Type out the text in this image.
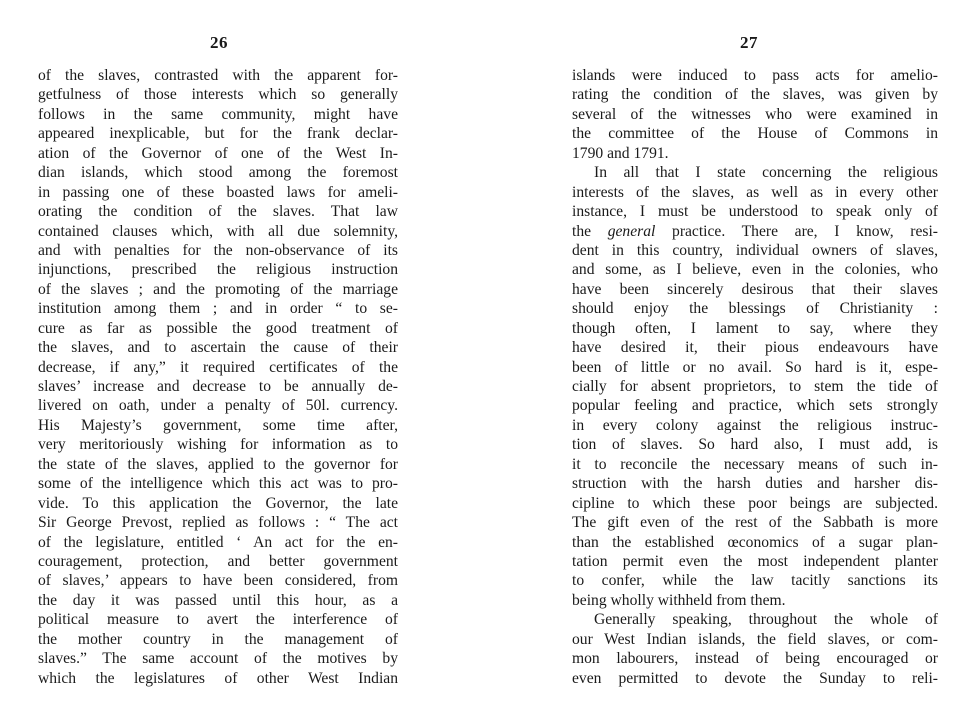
26
of the slaves, contrasted with the apparent for-
getfulness of those interests which so generally
follows in the same community, might have
appeared inexplicable, but for the frank declar-
ation of the Governor of one of the West In-
dian islands, which stood among the foremost
in passing one of these boasted laws for ameli-
orating the condition of the slaves. That law
contained clauses which, with all due solemnity,
and with penalties for the non-observance of its
injunctions, prescribed the religious instruction
of the slaves ; and the promoting of the marriage
institution among them ; and in order “ to se-
cure as far as possible the good treatment of
the slaves, and to ascertain the cause of their
decrease, if any,” it required certificates of the
slaves’ increase and decrease to be annually de-
livered on oath, under a penalty of 50l. currency.
His Majesty’s government, some time after,
very meritoriously wishing for information as to
the state of the slaves, applied to the governor for
some of the intelligence which this act was to pro-
vide. To this application the Governor, the late
Sir George Prevost, replied as follows : “ The act
of the legislature, entitled ‘ An act for the en-
couragement, protection, and better government
of slaves,’ appears to have been considered, from
the day it was passed until this hour, as a
political measure to avert the interference of
the mother country in the management of
slaves.” The same account of the motives by
which the legislatures of other West Indian
27
islands were induced to pass acts for amelio-
rating the condition of the slaves, was given by
several of the witnesses who were examined in
the committee of the House of Commons in
1790 and 1791.
In all that I state concerning the religious
interests of the slaves, as well as in every other
instance, I must be understood to speak only of
the general practice. There are, I know, resi-
dent in this country, individual owners of slaves,
and some, as I believe, even in the colonies, who
have been sincerely desirous that their slaves
should enjoy the blessings of Christianity :
though often, I lament to say, where they
have desired it, their pious endeavours have
been of little or no avail. So hard is it, espe-
cially for absent proprietors, to stem the tide of
popular feeling and practice, which sets strongly
in every colony against the religious instruc-
tion of slaves. So hard also, I must add, is
it to reconcile the necessary means of such in-
struction with the harsh duties and harsher dis-
cipline to which these poor beings are subjected.
The gift even of the rest of the Sabbath is more
than the established œconomics of a sugar plan-
tation permit even the most independent planter
to confer, while the law tacitly sanctions its
being wholly withheld from them.
Generally speaking, throughout the whole of
our West Indian islands, the field slaves, or com-
mon labourers, instead of being encouraged or
even permitted to devote the Sunday to reli-
